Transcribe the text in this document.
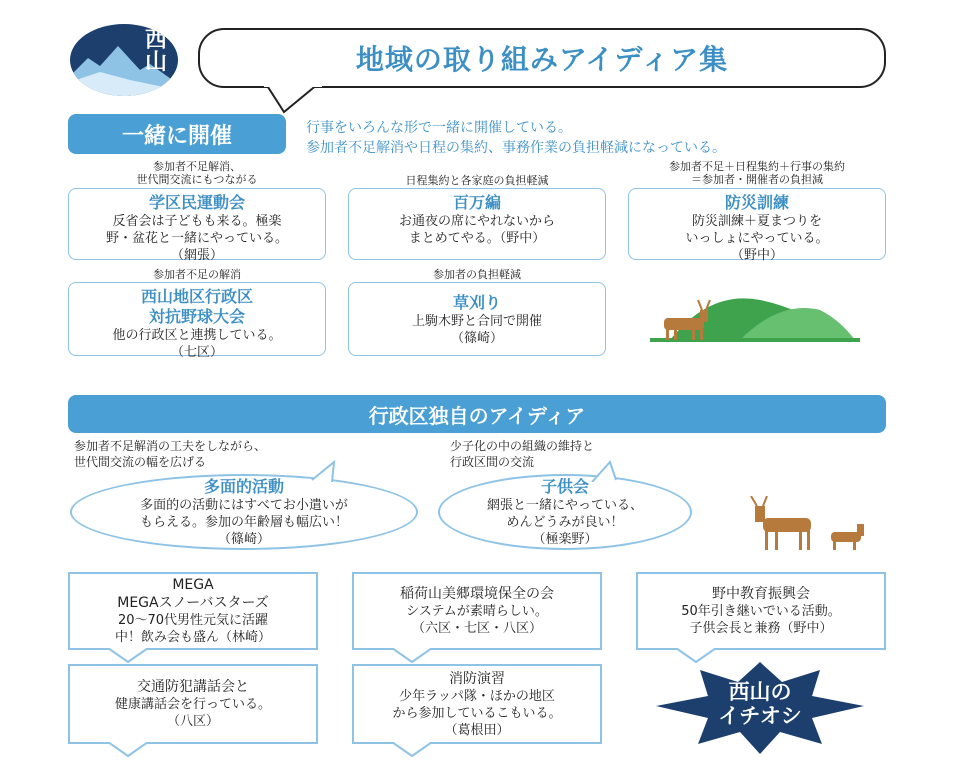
西
山	地域の取り組みアイディア集
一緒に開催	行事をいろんな形で一緒に開催している。
参加者不足解消や日程の集約、事務作業の負担軽減になっている。
参加者不足解消、
世代間交流にもつながる	日程集約と各家庭の負担軽減
参加者不足＋日程集約＋行事の集約
＝参加者・開催者の負担減
参加者不足の解消	参加者の負担軽減
学区民運動会
反省会は子どもも来る。極楽
野・盆花と一緒にやっている。
（網張）
百万編
お通夜の席にやれないから
まとめてやる。（野中）
防災訓練
防災訓練＋夏まつりを
いっしょにやっている。
（野中）
西山地区行政区
対抗野球大会
他の行政区と連携している。
（七区）
草刈り
上駒木野と合同で開催
（篠崎）
行政区独自のアイディア
参加者不足解消の工夫をしながら、
世代間交流の幅を広げる
少子化の中の組織の維持と
行政区間の交流
多面的活動
多面的の活動にはすべてお小遣いが
もらえる。参加の年齢層も幅広い！
（篠崎）
子供会
網張と一緒にやっている、
めんどうみが良い！
（極楽野）
MEGA
MEGAスノーバスターズ
20～70代男性元気に活躍
中！飲み会も盛ん（林崎）
交通防犯講話会と
健康講話会を行っている。
（八区）
稲荷山美郷環境保全の会
システムが素晴らしい。
（六区・七区・八区）
消防演習
少年ラッパ隊・ほかの地区
から参加しているこもいる。
（葛根田）
野中教育振興会
50年引き継いでいる活動。
子供会長と兼務（野中）
西山の
イチオシ
